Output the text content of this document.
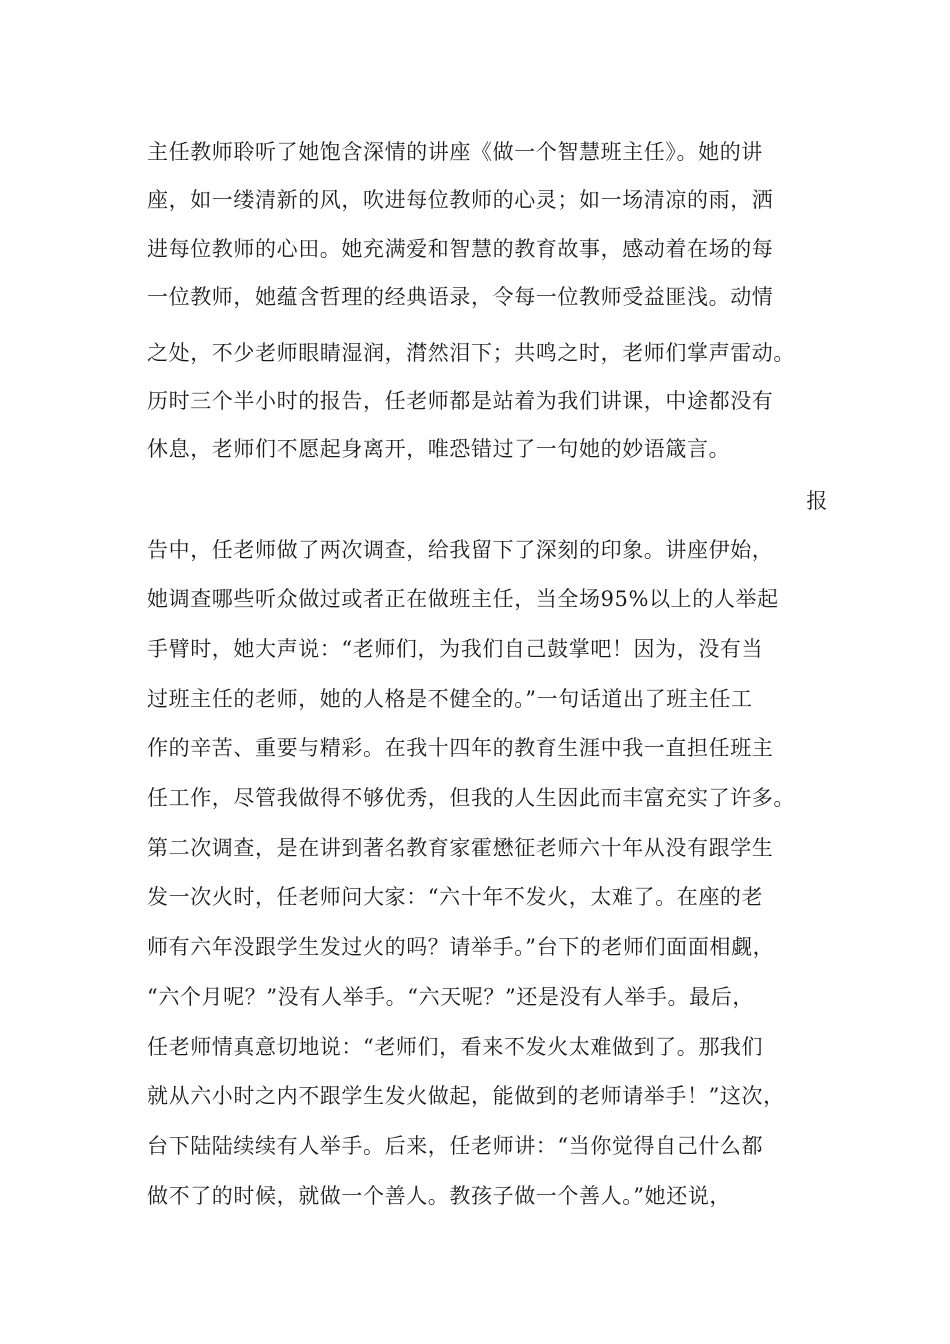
主任教师聆听了她饱含深情的讲座《做一个智慧班主任》。她的讲
座，如一缕清新的风，吹进每位教师的心灵；如一场清凉的雨，洒
进每位教师的心田。她充满爱和智慧的教育故事，感动着在场的每
一位教师，她蕴含哲理的经典语录，令每一位教师受益匪浅。动情
之处，不少老师眼睛湿润，潸然泪下；共鸣之时，老师们掌声雷动。
历时三个半小时的报告，任老师都是站着为我们讲课，中途都没有
休息，老师们不愿起身离开，唯恐错过了一句她的妙语箴言。
报
告中，任老师做了两次调查，给我留下了深刻的印象。讲座伊始，
她调查哪些听众做过或者正在做班主任，当全场95%以上的人举起
手臂时，她大声说：“老师们，为我们自己鼓掌吧！因为，没有当
过班主任的老师，她的人格是不健全的。”一句话道出了班主任工
作的辛苦、重要与精彩。在我十四年的教育生涯中我一直担任班主
任工作，尽管我做得不够优秀，但我的人生因此而丰富充实了许多。
第二次调查，是在讲到著名教育家霍懋征老师六十年从没有跟学生
发一次火时，任老师问大家：“六十年不发火，太难了。在座的老
师有六年没跟学生发过火的吗？请举手。”台下的老师们面面相觑，
“六个月呢？”没有人举手。“六天呢？”还是没有人举手。最后，
任老师情真意切地说：“老师们，看来不发火太难做到了。那我们
就从六小时之内不跟学生发火做起，能做到的老师请举手！”这次，
台下陆陆续续有人举手。后来，任老师讲：“当你觉得自己什么都
做不了的时候，就做一个善人。教孩子做一个善人。”她还说，
